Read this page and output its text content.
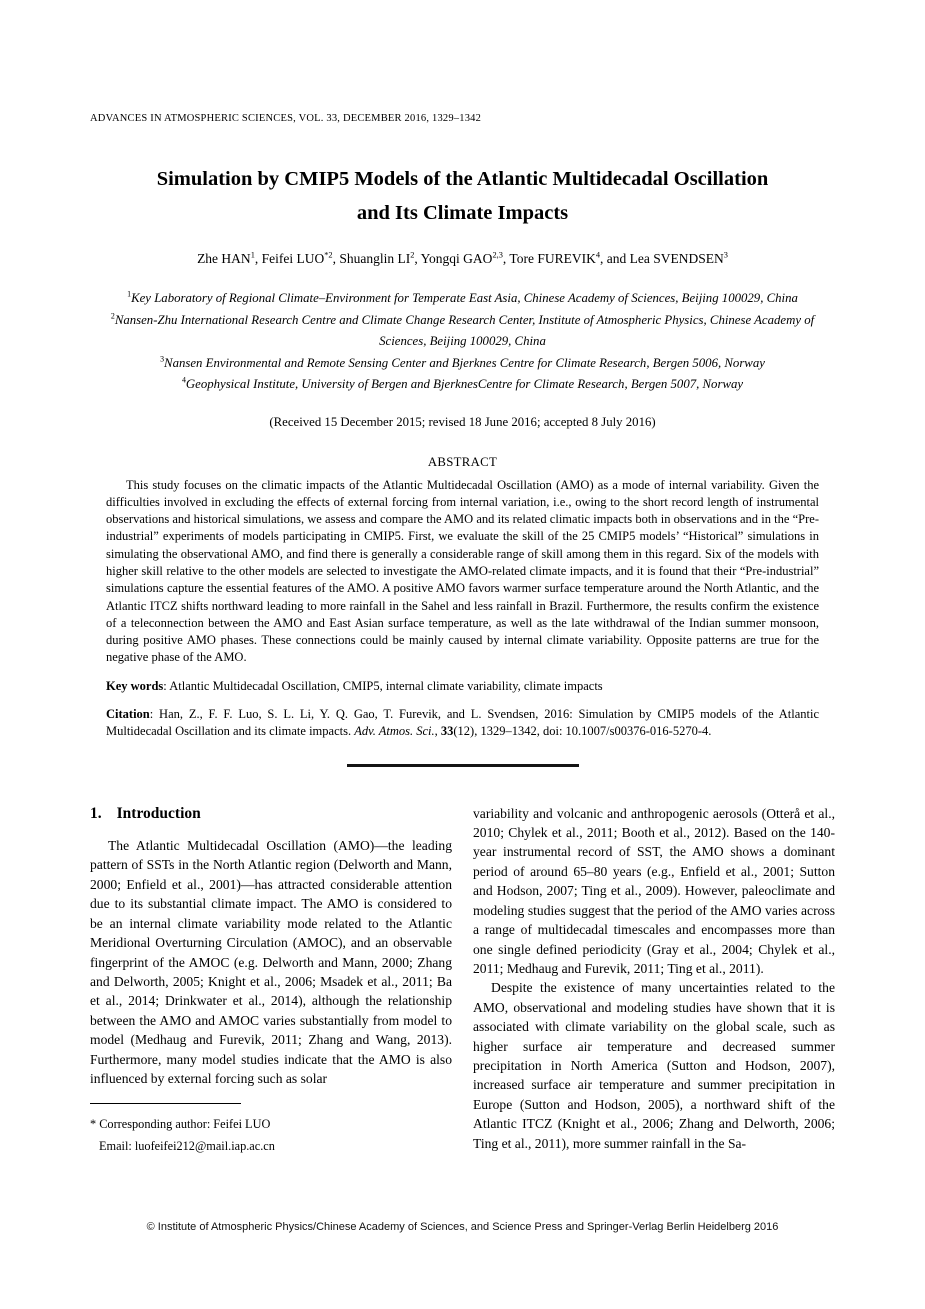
ADVANCES IN ATMOSPHERIC SCIENCES, VOL. 33, DECEMBER 2016, 1329–1342
Simulation by CMIP5 Models of the Atlantic Multidecadal Oscillation and Its Climate Impacts
Zhe HAN$^1$, Feifei LUO$^{*2}$, Shuanglin $LI^2$, Yongqi GAO$^{2,3}$, Tore FUREVIK$^4$, and Lea SVENDSEN$^3$
$^1$Key Laboratory of Regional Climate–Environment for Temperate East Asia, Chinese Academy of Sciences, Beijing 100029, China
$^2$Nansen-Zhu International Research Centre and Climate Change Research Center, Institute of Atmospheric Physics, Chinese Academy of Sciences, Beijing 100029, China
$^3$Nansen Environmental and Remote Sensing Center and Bjerknes Centre for Climate Research, Bergen 5006, Norway
$^4$Geophysical Institute, University of Bergen and BjerknesCentre for Climate Research, Bergen 5007, Norway
(Received 15 December 2015; revised 18 June 2016; accepted 8 July 2016)
ABSTRACT

This study focuses on the climatic impacts of the Atlantic Multidecadal Oscillation (AMO) as a mode of internal variability. Given the difficulties involved in excluding the effects of external forcing from internal variation, i.e., owing to the short record length of instrumental observations and historical simulations, we assess and compare the AMO and its related climatic impacts both in observations and in the “Pre-industrial” experiments of models participating in CMIP5. First, we evaluate the skill of the 25 CMIP5 models’ “Historical” simulations in simulating the observational AMO, and find there is generally a considerable range of skill among them in this regard. Six of the models with higher skill relative to the other models are selected to investigate the AMO-related climate impacts, and it is found that their “Pre-industrial” simulations capture the essential features of the AMO. A positive AMO favors warmer surface temperature around the North Atlantic, and the Atlantic ITCZ shifts northward leading to more rainfall in the Sahel and less rainfall in Brazil. Furthermore, the results confirm the existence of a teleconnection between the AMO and East Asian surface temperature, as well as the late withdrawal of the Indian summer monsoon, during positive AMO phases. These connections could be mainly caused by internal climate variability. Opposite patterns are true for the negative phase of the AMO.

Key words: Atlantic Multidecadal Oscillation, CMIP5, internal climate variability, climate impacts

Citation: Han, Z., F. F. Luo, S. L. Li, Y. Q. Gao, T. Furevik, and L. Svendsen, 2016: Simulation by CMIP5 models of the Atlantic Multidecadal Oscillation and its climate impacts. Adv. Atmos. Sci., 33(12), 1329–1342, doi: 10.1007/s00376-016-5270-4.

1. Introduction

The Atlantic Multidecadal Oscillation (AMO)—the leading pattern of SSTs in the North Atlantic region (Delworth and Mann, 2000; Enfield et al., 2001)—has attracted considerable attention due to its substantial climate impact. The AMO is considered to be an internal climate variability mode related to the Atlantic Meridional Overturning Circulation (AMOC), and an observable fingerprint of the AMOC (e.g. Delworth and Mann, 2000; Zhang and Delworth, 2005; Knight et al., 2006; Msadek et al., 2011; Ba et al., 2014; Drinkwater et al., 2014), although the relationship between the AMO and AMOC varies substantially from model to model (Medhaug and Furevik, 2011; Zhang and Wang, 2013). Furthermore, many model studies indicate that the AMO is also influenced by external forcing such as solar

* Corresponding author: Feifei LUO
Email: luofeifei212@mail.iap.ac.cn

variability and volcanic and anthropogenic aerosols (Otterå et al., 2010; Chylek et al., 2011; Booth et al., 2012). Based on the 140-year instrumental record of SST, the AMO shows a dominant period of around 65–80 years (e.g., Enfield et al., 2001; Sutton and Hodson, 2007; Ting et al., 2009). However, paleoclimate and modeling studies suggest that the period of the AMO varies across a range of multidecadal timescales and encompasses more than one single defined periodicity (Gray et al., 2004; Chylek et al., 2011; Medhaug and Furevik, 2011; Ting et al., 2011).

Despite the existence of many uncertainties related to the AMO, observational and modeling studies have shown that it is associated with climate variability on the global scale, such as higher surface air temperature and decreased summer precipitation in North America (Sutton and Hodson, 2007), increased surface air temperature and summer precipitation in Europe (Sutton and Hodson, 2005), a northward shift of the Atlantic ITCZ (Knight et al., 2006; Zhang and Delworth, 2006; Ting et al., 2011), more summer rainfall in the Sa-

© Institute of Atmospheric Physics/Chinese Academy of Sciences, and Science Press and Springer-Verlag Berlin Heidelberg 2016
